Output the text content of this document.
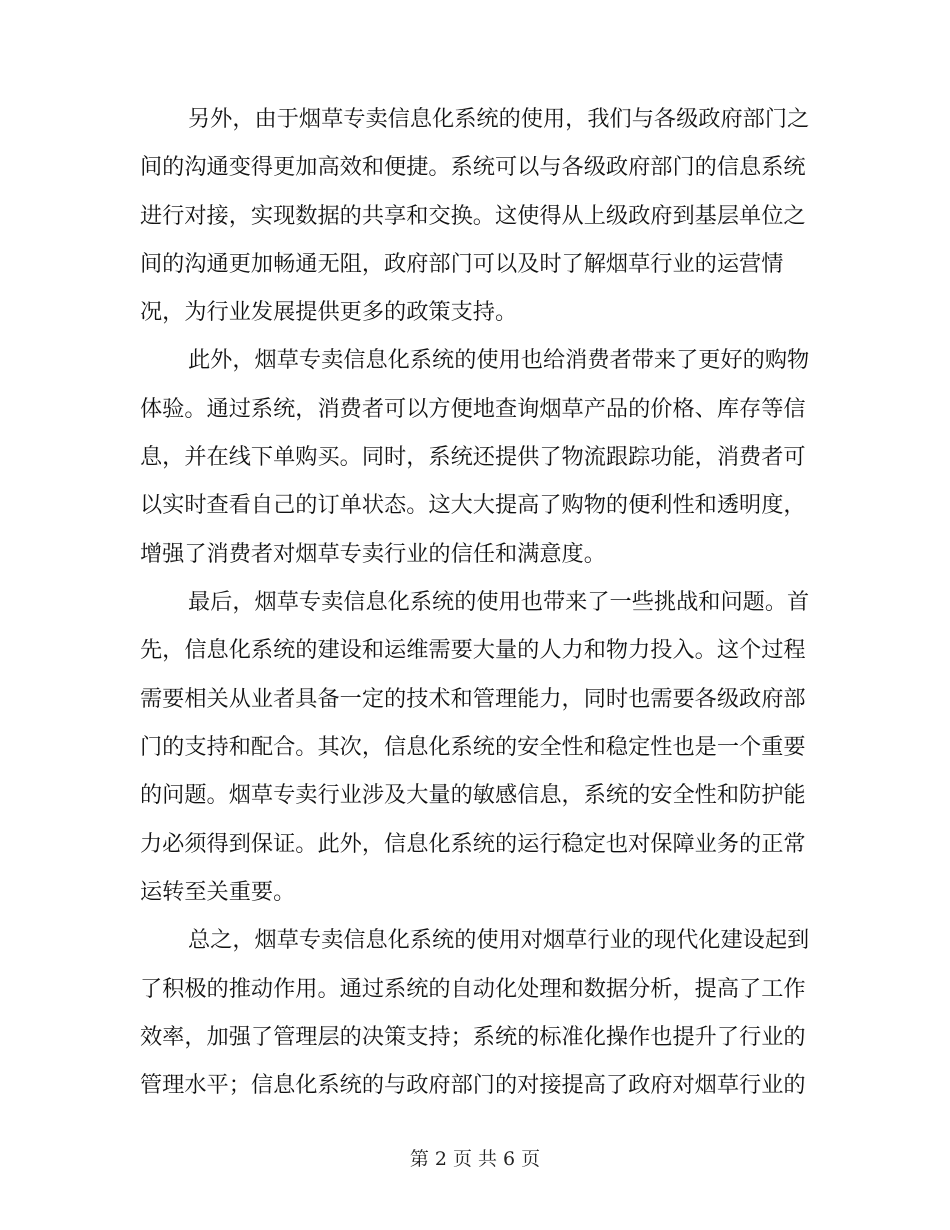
另外，由于烟草专卖信息化系统的使用，我们与各级政府部门之

间的沟通变得更加高效和便捷。系统可以与各级政府部门的信息系统

进行对接，实现数据的共享和交换。这使得从上级政府到基层单位之

间的沟通更加畅通无阻，政府部门可以及时了解烟草行业的运营情

况，为行业发展提供更多的政策支持。

此外，烟草专卖信息化系统的使用也给消费者带来了更好的购物

体验。通过系统，消费者可以方便地查询烟草产品的价格、库存等信

息，并在线下单购买。同时，系统还提供了物流跟踪功能，消费者可

以实时查看自己的订单状态。这大大提高了购物的便利性和透明度，

增强了消费者对烟草专卖行业的信任和满意度。

最后，烟草专卖信息化系统的使用也带来了一些挑战和问题。首

先，信息化系统的建设和运维需要大量的人力和物力投入。这个过程

需要相关从业者具备一定的技术和管理能力，同时也需要各级政府部

门的支持和配合。其次，信息化系统的安全性和稳定性也是一个重要

的问题。烟草专卖行业涉及大量的敏感信息，系统的安全性和防护能

力必须得到保证。此外，信息化系统的运行稳定也对保障业务的正常

运转至关重要。

总之，烟草专卖信息化系统的使用对烟草行业的现代化建设起到

了积极的推动作用。通过系统的自动化处理和数据分析，提高了工作

效率，加强了管理层的决策支持；系统的标准化操作也提升了行业的

管理水平；信息化系统的与政府部门的对接提高了政府对烟草行业的

第 2 页 共 6 页
